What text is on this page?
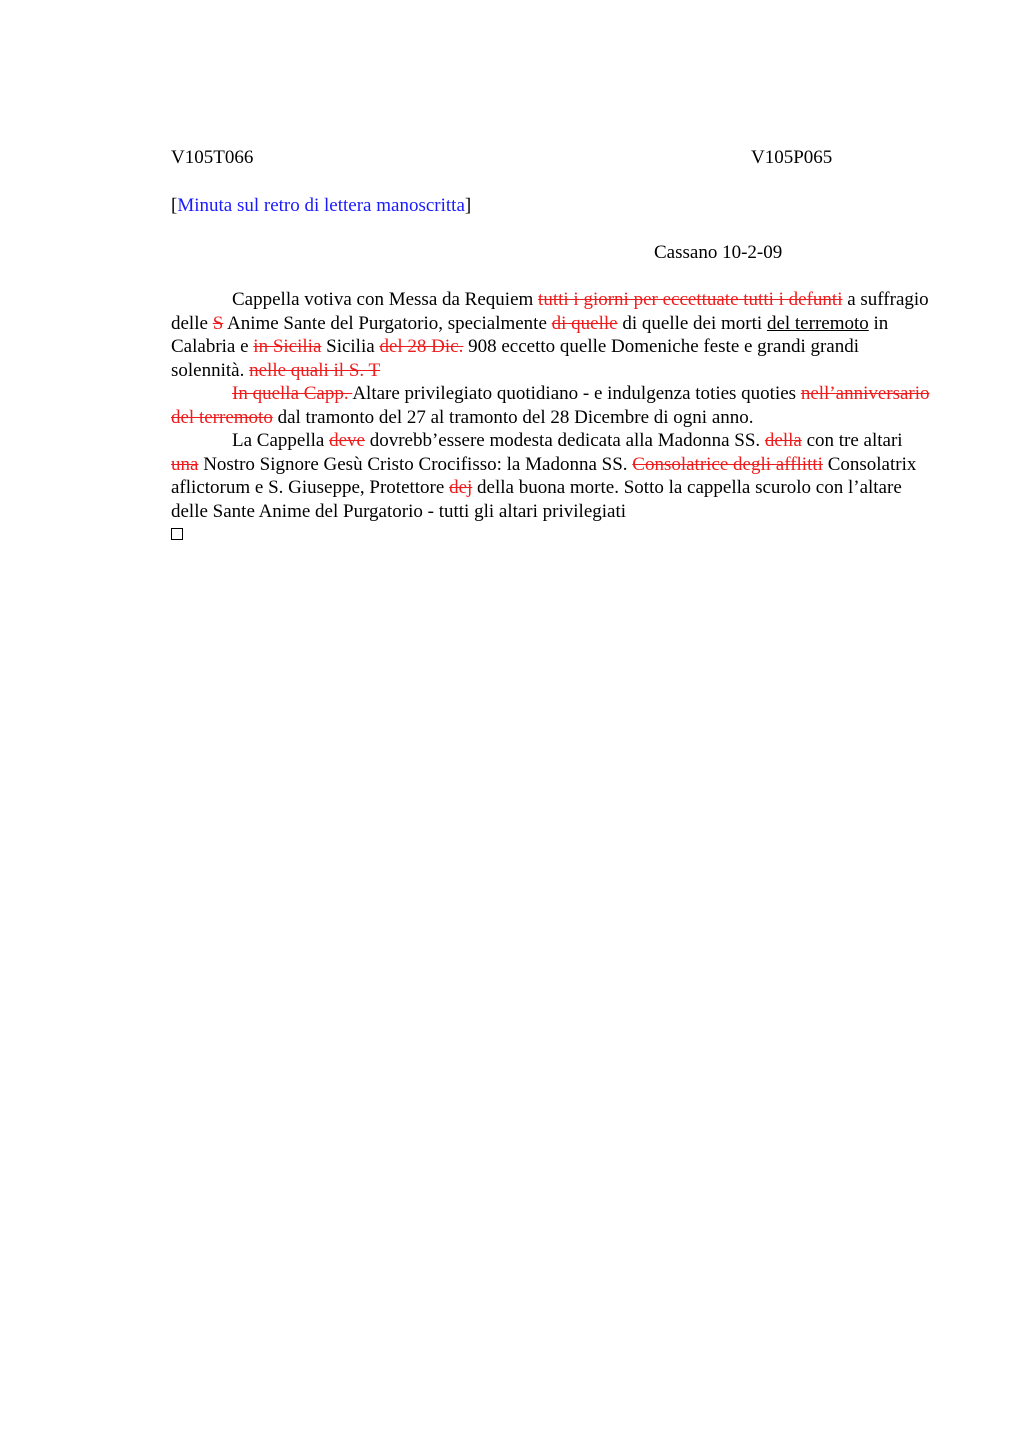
V105T066	V105P065
[Minuta sul retro di lettera manoscritta]
Cassano 10-2-09

Cappella votiva con Messa da Requiem tutti i giorni per eccettuate tutti i defunti a suffragio delle S Anime Sante del Purgatorio, specialmente di quelle di quelle dei morti del terremoto in Calabria e in Sicilia Sicilia del 28 Dic. 908 eccetto quelle Domeniche feste e grandi grandi solennità. nelle quali il S. T

In quella Capp. Altare privilegiato quotidiano - e indulgenza toties quoties nell’anniversario del terremoto dal tramonto del 27 al tramonto del 28 Dicembre di ogni anno.

La Cappella deve dovrebb’essere modesta dedicata alla Madonna SS. della con tre altari una Nostro Signore Gesù Cristo Crocifisso: la Madonna SS. Consolatrice degli afflitti Consolatrix aflictorum e S. Giuseppe, Protettore dej della buona morte. Sotto la cappella scurolo con l’altare delle Sante Anime del Purgatorio - tutti gli altari privilegiati
